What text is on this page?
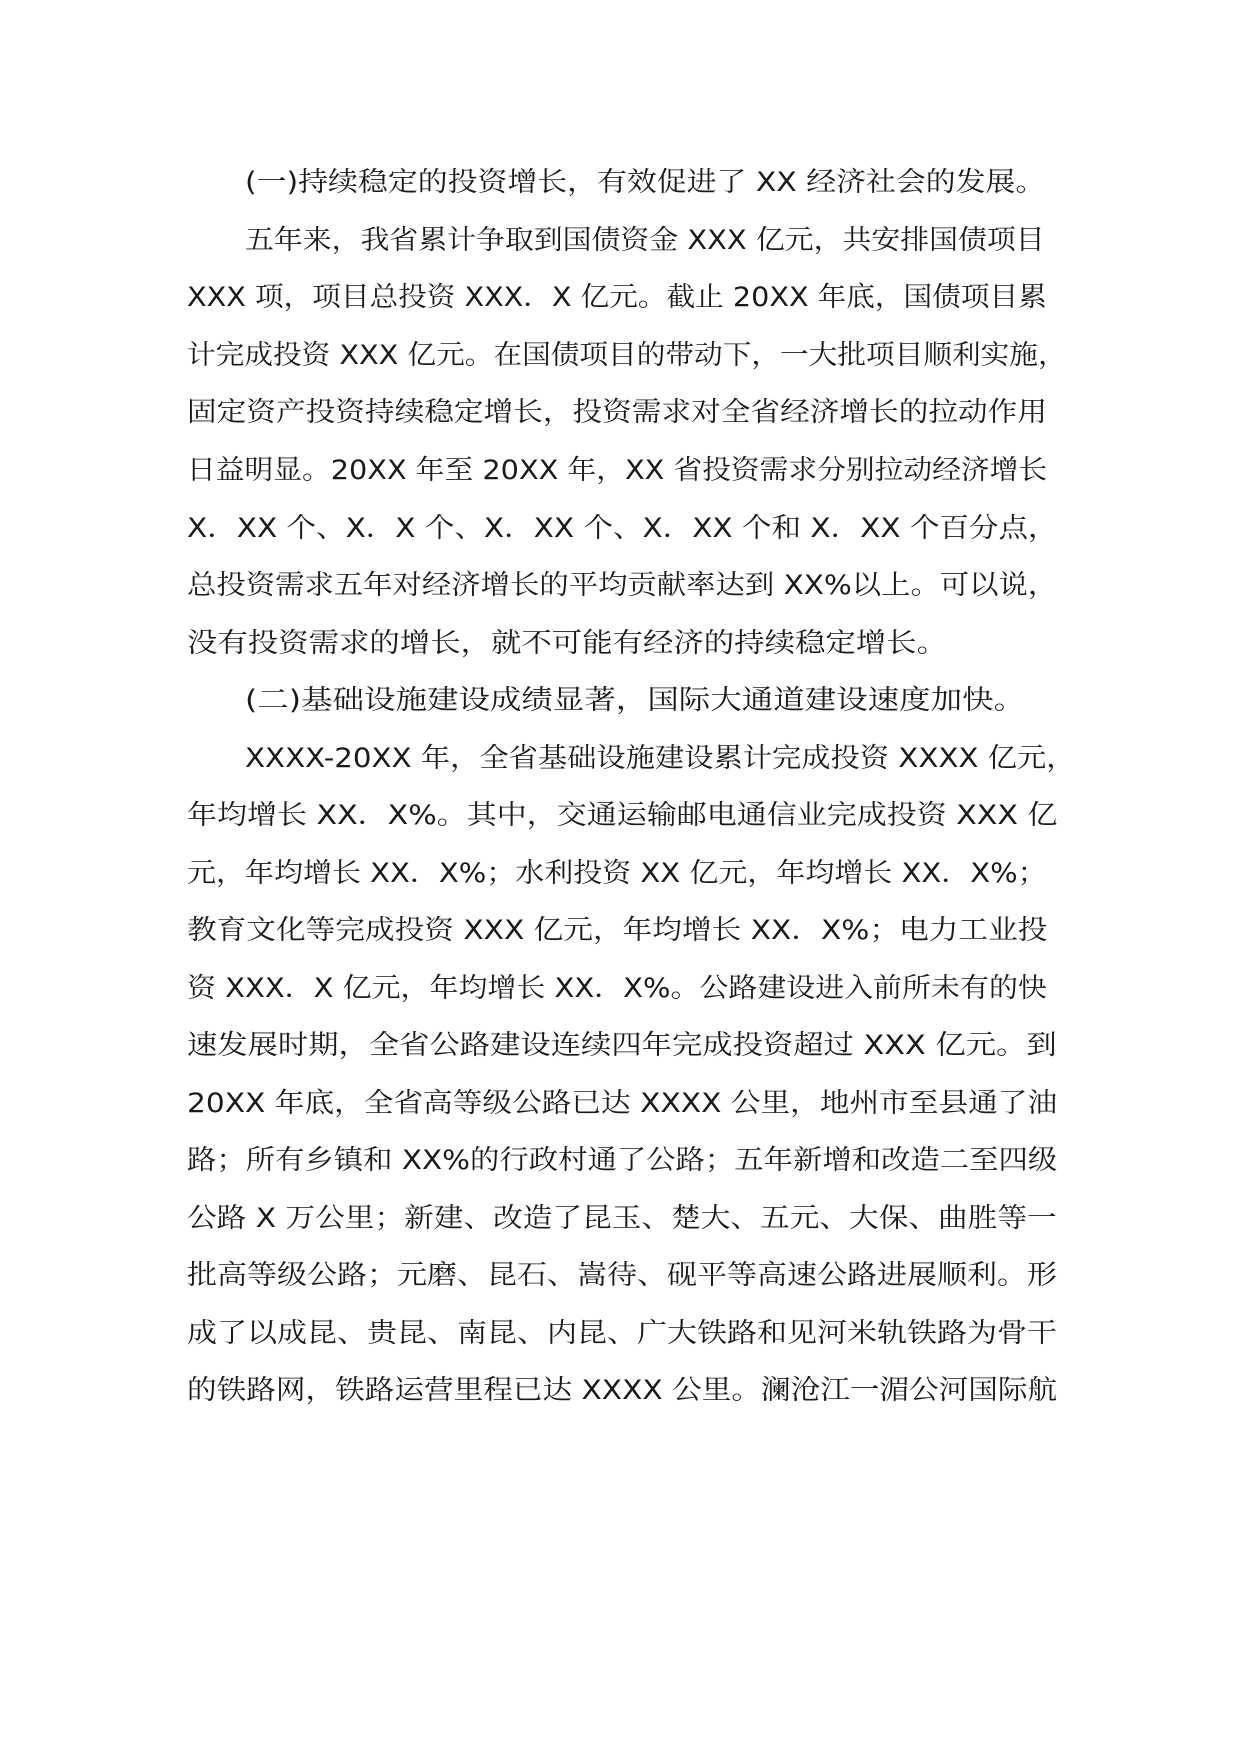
(一)持续稳定的投资增长，有效促进了 XX 经济社会的发展。

五年来，我省累计争取到国债资金 XXX 亿元，共安排国债项目

XXX 项，项目总投资 XXX．X 亿元。截止 20XX 年底，国债项目累

计完成投资 XXX 亿元。在国债项目的带动下，一大批项目顺利实施，

固定资产投资持续稳定增长，投资需求对全省经济增长的拉动作用

日益明显。20XX 年至 20XX 年，XX 省投资需求分别拉动经济增长

X．XX 个、X．X 个、X．XX 个、X．XX 个和 X．XX 个百分点，

总投资需求五年对经济增长的平均贡献率达到 XX%以上。可以说，

没有投资需求的增长，就不可能有经济的持续稳定增长。

(二)基础设施建设成绩显著，国际大通道建设速度加快。

XXXX-20XX 年，全省基础设施建设累计完成投资 XXXX 亿元，

年均增长 XX．X%。其中，交通运输邮电通信业完成投资 XXX 亿

元，年均增长 XX．X%；水利投资 XX 亿元，年均增长 XX．X%；

教育文化等完成投资 XXX 亿元，年均增长 XX．X%；电力工业投

资 XXX．X 亿元，年均增长 XX．X%。公路建设进入前所未有的快

速发展时期，全省公路建设连续四年完成投资超过 XXX 亿元。到

20XX 年底，全省高等级公路已达 XXXX 公里，地州市至县通了油

路；所有乡镇和 XX%的行政村通了公路；五年新增和改造二至四级

公路 X 万公里；新建、改造了昆玉、楚大、五元、大保、曲胜等一

批高等级公路；元磨、昆石、嵩待、砚平等高速公路进展顺利。形

成了以成昆、贵昆、南昆、内昆、广大铁路和见河米轨铁路为骨干

的铁路网，铁路运营里程已达 XXXX 公里。澜沧江一湄公河国际航
